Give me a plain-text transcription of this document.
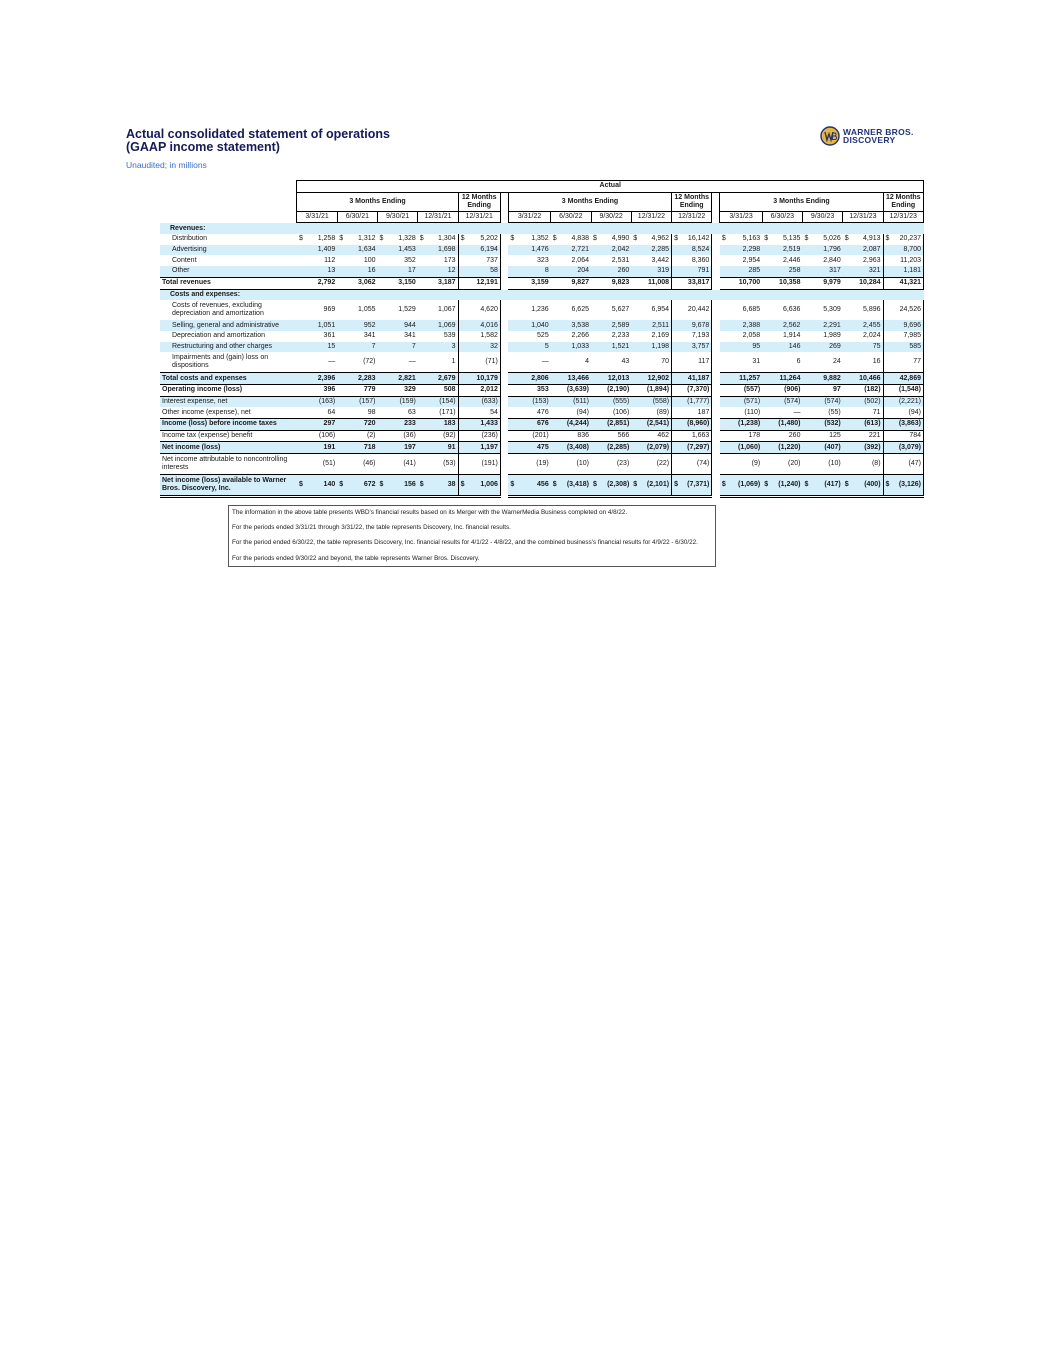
Actual consolidated statement of operations
(GAAP income statement)
Unaudited; in millions
WARNER BROS.
DISCOVERY
	Actual																
	3 Months Ending				12 Months Ending		3 Months Ending				12 Months Ending		3 Months Ending				12 Months Ending
	3/31/21	6/30/21	9/30/21	12/31/21	12/31/21		3/31/22	6/30/22	9/30/22	12/31/22	12/31/22		3/31/23	6/30/23	9/30/23	12/31/23	12/31/23
Revenues:																	
Distribution	$ 1,258	$ 1,312	$ 1,328	$ 1,304	$ 5,202		$ 1,352	$ 4,838	$ 4,990	$ 4,962	$ 16,142		$ 5,163	$ 5,135	$ 5,026	$ 4,913	$ 20,237

Advertising	1,409	1,634	1,453	1,698	6,194		1,476	2,721	2,042	2,285	8,524		2,298	2,519	1,796	2,087	8,700
Content	112	100	352	173	737		323	2,064	2,531	3,442	8,360		2,954	2,446	2,840	2,963	11,203
Other	13	16	17	12	58		8	204	260	319	791		285	258	317	321	1,181
Total revenues	2,792	3,062	3,150	3,187	12,191		3,159	9,827	9,823	11,008	33,817		10,700	10,358	9,979	10,284	41,321
Costs and expenses:																	
Costs of revenues, excluding depreciation and amortization	969	1,055	1,529	1,067	4,620		1,236	6,625	5,627	6,954	20,442		6,685	6,636	5,309	5,896	24,526
Selling, general and administrative	1,051	952	944	1,069	4,016		1,040	3,538	2,589	2,511	9,678		2,388	2,562	2,291	2,455	9,696
Depreciation and amortization	361	341	341	539	1,582		525	2,266	2,233	2,169	7,193		2,058	1,914	1,989	2,024	7,985
Restructuring and other charges	15	7	7	3	32		5	1,033	1,521	1,198	3,757		95	146	269	75	585
Impairments and (gain) loss on dispositions	—	(72)	—	1	(71)		—	4	43	70	117		31	6	24	16	77
Total costs and expenses	2,396	2,283	2,821	2,679	10,179		2,806	13,466	12,013	12,902	41,187		11,257	11,264	9,882	10,466	42,869
Operating income (loss)	396	779	329	508	2,012		353	(3,639)	(2,190)	(1,894)	(7,370)		(557)	(906)	97	(182)	(1,548)
Interest expense, net	(163)	(157)	(159)	(154)	(633)		(153)	(511)	(555)	(558)	(1,777)		(571)	(574)	(574)	(502)	(2,221)
Other income (expense), net	64	98	63	(171)	54		476	(94)	(106)	(89)	187		(110)	—	(55)	71	(94)
Income (loss) before income taxes	297	720	233	183	1,433		676	(4,244)	(2,851)	(2,541)	(8,960)		(1,238)	(1,480)	(532)	(613)	(3,863)
Income tax (expense) benefit	(106)	(2)	(36)	(92)	(236)		(201)	836	566	462	1,663		178	260	125	221	784
Net income (loss)	191	718	197	91	1,197		475	(3,408)	(2,285)	(2,079)	(7,297)		(1,060)	(1,220)	(407)	(392)	(3,079)
Net income attributable to noncontrolling interests	(51)	(46)	(41)	(53)	(191)		(19)	(10)	(23)	(22)	(74)		(9)	(20)	(10)	(8)	(47)
Net income (loss) available to Warner Bros. Discovery, Inc.	$ 140	$ 672	$ 156	$ 38	$ 1,006		$ 456	$ (3,418)	$ (2,308)	$ (2,101)	$ (7,371)		$ (1,069)	$ (1,240)	$ (417)	$ (400)	$ (3,126)

The information in the above table presents WBD's financial results based on its Merger with the WarnerMedia Business completed on 4/8/22.

For the periods ended 3/31/21 through 3/31/22, the table represents Discovery, Inc. financial results.

For the period ended 6/30/22, the table represents Discovery, Inc. financial results for 4/1/22 - 4/8/22, and the combined business's financial results for 4/9/22 - 6/30/22.

For the periods ended 9/30/22 and beyond, the table represents Warner Bros. Discovery.
